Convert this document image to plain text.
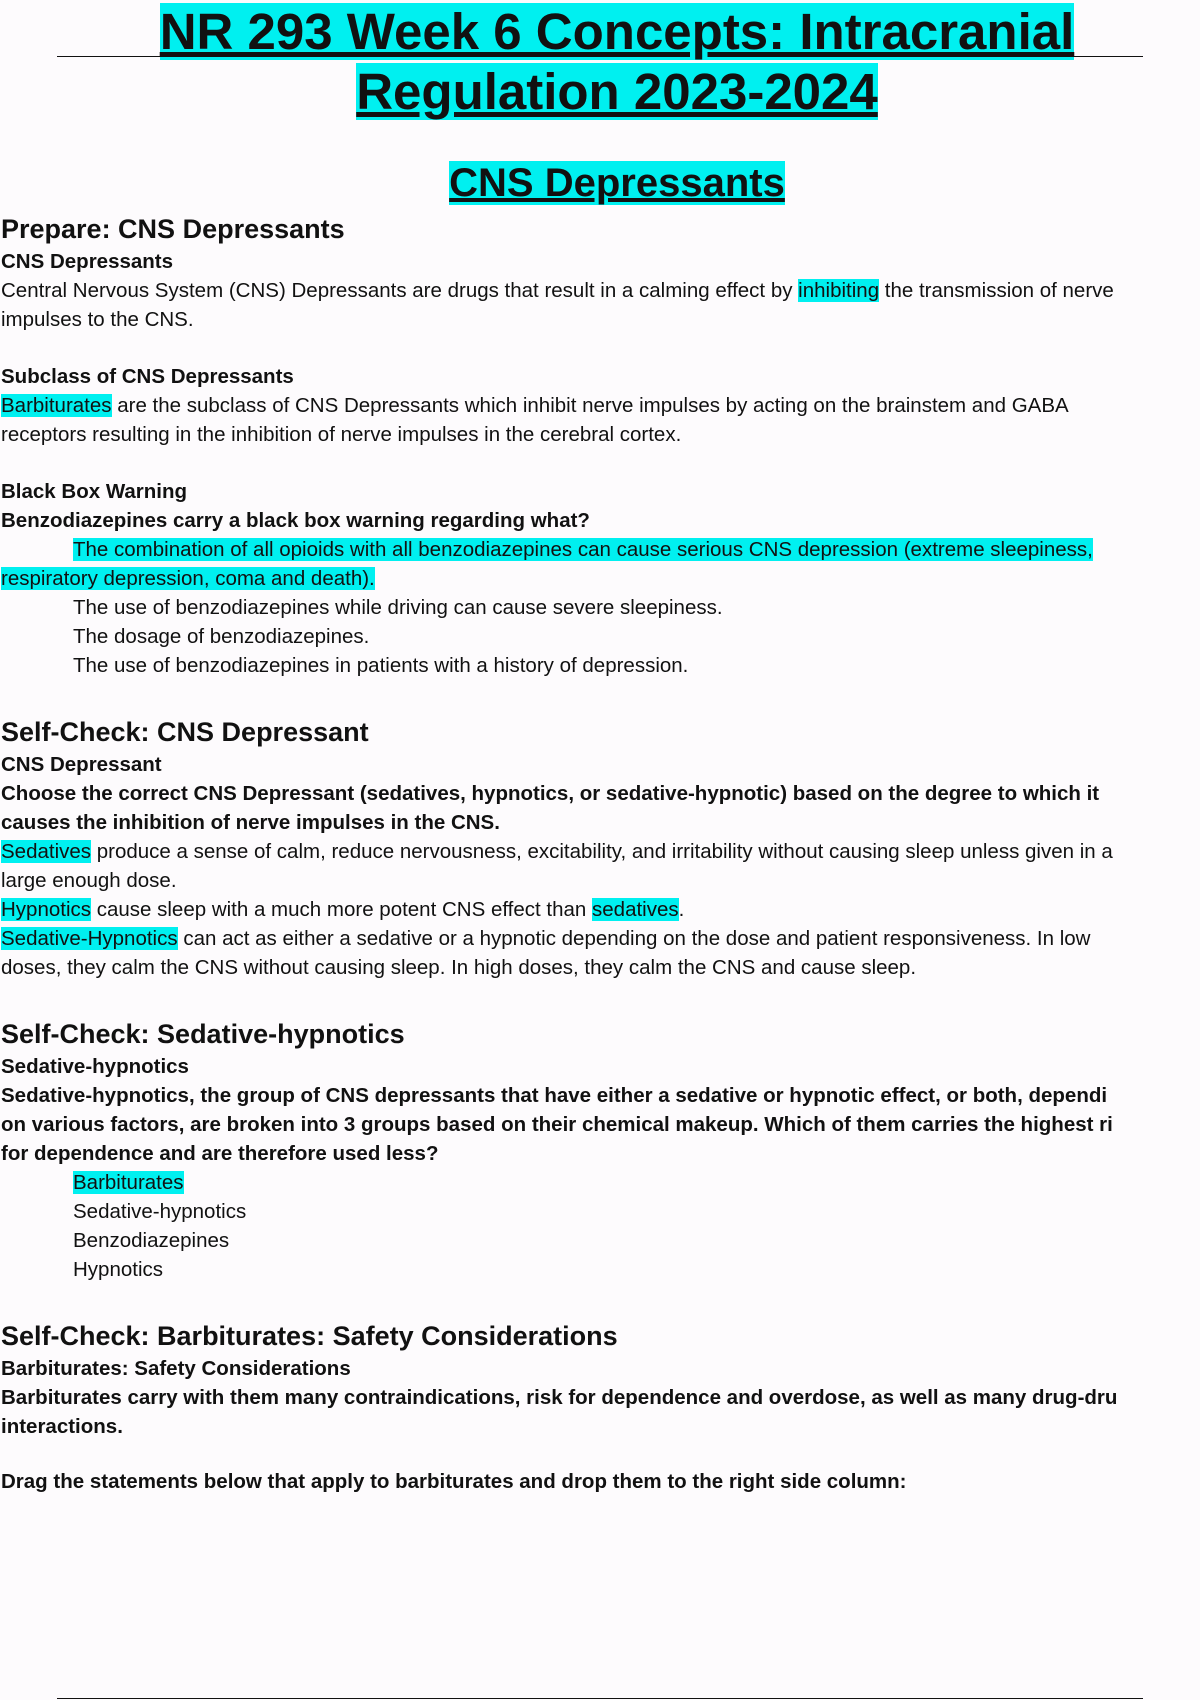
NR 293 Week 6 Concepts: Intracranial
Regulation 2023-2024
CNS Depressants
Prepare: CNS Depressants
CNS Depressants
Central Nervous System (CNS) Depressants are drugs that result in a calming effect by inhibiting the transmission of nerve
impulses to the CNS.
Subclass of CNS Depressants
Barbiturates are the subclass of CNS Depressants which inhibit nerve impulses by acting on the brainstem and GABA
receptors resulting in the inhibition of nerve impulses in the cerebral cortex.
Black Box Warning
Benzodiazepines carry a black box warning regarding what?
The combination of all opioids with all benzodiazepines can cause serious CNS depression (extreme sleepiness,
respiratory depression, coma and death).
The use of benzodiazepines while driving can cause severe sleepiness.
The dosage of benzodiazepines.
The use of benzodiazepines in patients with a history of depression.
Self-Check: CNS Depressant
CNS Depressant
Choose the correct CNS Depressant (sedatives, hypnotics, or sedative-hypnotic) based on the degree to which it
causes the inhibition of nerve impulses in the CNS.
Sedatives produce a sense of calm, reduce nervousness, excitability, and irritability without causing sleep unless given in a
large enough dose.
Hypnotics cause sleep with a much more potent CNS effect than sedatives.
Sedative-Hypnotics can act as either a sedative or a hypnotic depending on the dose and patient responsiveness. In low
doses, they calm the CNS without causing sleep. In high doses, they calm the CNS and cause sleep.
Self-Check: Sedative-hypnotics
Sedative-hypnotics
Sedative-hypnotics, the group of CNS depressants that have either a sedative or hypnotic effect, or both, dependi
on various factors, are broken into 3 groups based on their chemical makeup. Which of them carries the highest ri
for dependence and are therefore used less?
Barbiturates
Sedative-hypnotics
Benzodiazepines
Hypnotics
Self-Check: Barbiturates: Safety Considerations
Barbiturates: Safety Considerations
Barbiturates carry with them many contraindications, risk for dependence and overdose, as well as many drug-dru
interactions.
Drag the statements below that apply to barbiturates and drop them to the right side column:
